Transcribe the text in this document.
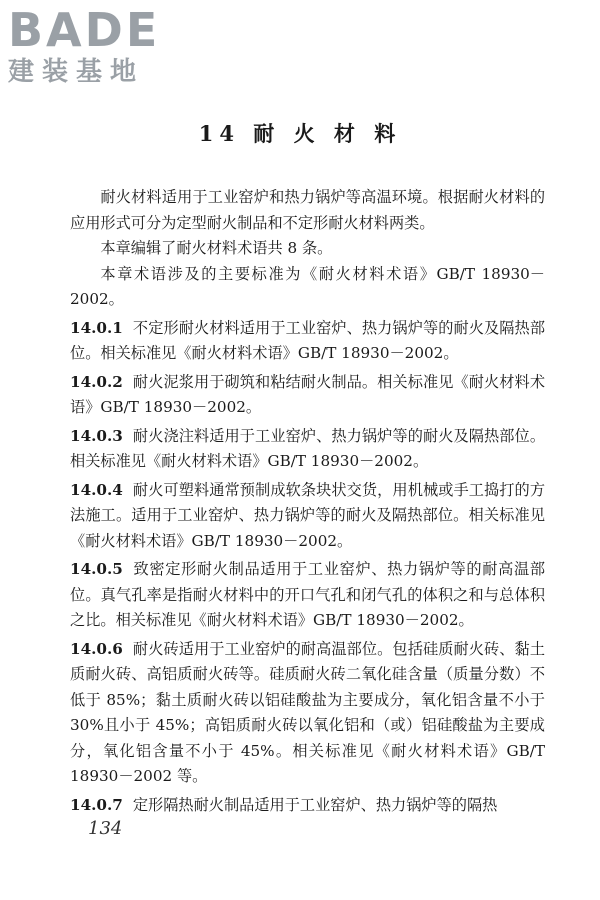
BADE
建装基地
14 耐 火 材 料

耐火材料适用于工业窑炉和热力锅炉等高温环境。根据耐火材料的应用形式可分为定型耐火制品和不定形耐火材料两类。

本章编辑了耐火材料术语共 8 条。

本章术语涉及的主要标准为《耐火材料术语》GB/T 18930－2002。

14.0.1 不定形耐火材料适用于工业窑炉、热力锅炉等的耐火及隔热部位。相关标准见《耐火材料术语》GB/T 18930－2002。

14.0.2 耐火泥浆用于砌筑和粘结耐火制品。相关标准见《耐火材料术语》GB/T 18930－2002。

14.0.3 耐火浇注料适用于工业窑炉、热力锅炉等的耐火及隔热部位。相关标准见《耐火材料术语》GB/T 18930－2002。

14.0.4 耐火可塑料通常预制成软条块状交货，用机械或手工捣打的方法施工。适用于工业窑炉、热力锅炉等的耐火及隔热部位。相关标准见《耐火材料术语》GB/T 18930－2002。

14.0.5 致密定形耐火制品适用于工业窑炉、热力锅炉等的耐高温部位。真气孔率是指耐火材料中的开口气孔和闭气孔的体积之和与总体积之比。相关标准见《耐火材料术语》GB/T 18930－2002。

14.0.6 耐火砖适用于工业窑炉的耐高温部位。包括硅质耐火砖、黏土质耐火砖、高铝质耐火砖等。硅质耐火砖二氧化硅含量（质量分数）不低于 85%；黏土质耐火砖以铝硅酸盐为主要成分，氧化铝含量不小于 30%且小于 45%；高铝质耐火砖以氧化铝和（或）铝硅酸盐为主要成分，氧化铝含量不小于 45%。相关标准见《耐火材料术语》GB/T 18930－2002 等。

14.0.7 定形隔热耐火制品适用于工业窑炉、热力锅炉等的隔热

134
